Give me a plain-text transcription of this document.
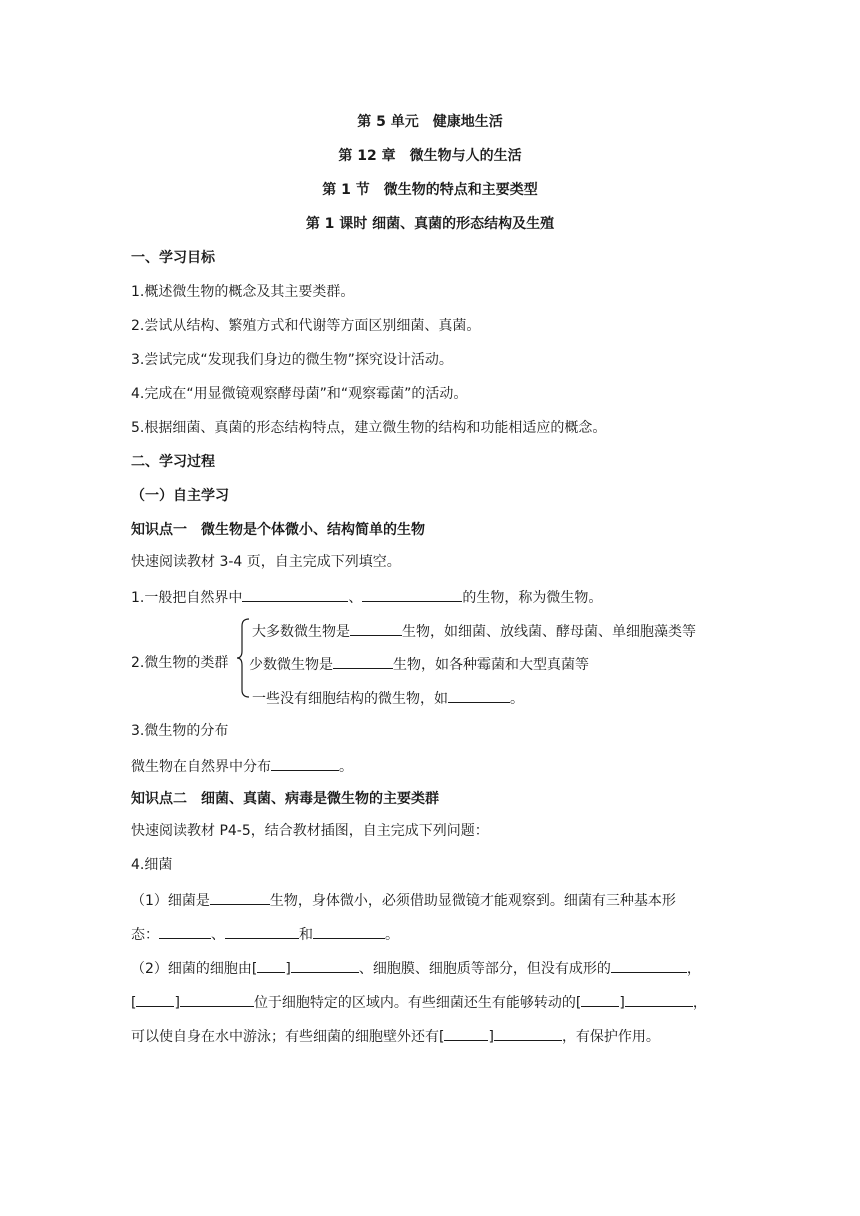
第 5 单元　健康地生活
第 12 章　微生物与人的生活
第 1 节　微生物的特点和主要类型
第 1 课时 细菌、真菌的形态结构及生殖
一、学习目标
1.概述微生物的概念及其主要类群。
2.尝试从结构、繁殖方式和代谢等方面区别细菌、真菌。
3.尝试完成“发现我们身边的微生物”探究设计活动。
4.完成在“用显微镜观察酵母菌”和“观察霉菌”的活动。
5.根据细菌、真菌的形态结构特点，建立微生物的结构和功能相适应的概念。
二、学习过程
（一）自主学习
知识点一　微生物是个体微小、结构简单的生物
快速阅读教材 3-4 页，自主完成下列填空。
1.一般把自然界中	、	的生物，称为微生物。
2.微生物的类群
大多数微生物是	生物，如细菌、放线菌、酵母菌、单细胞藻类等
少数微生物是	生物，如各种霉菌和大型真菌等
一些没有细胞结构的微生物，如	。
3.微生物的分布
微生物在自然界中分布	。
知识点二　细菌、真菌、病毒是微生物的主要类群
快速阅读教材 P4-5，结合教材插图，自主完成下列问题：
4.细菌
（1）细菌是	生物，身体微小，必须借助显微镜才能观察到。细菌有三种基本形
态：	、	和	。
（2）细菌的细胞由[ ]	、细胞膜、细胞质等部分，但没有成形的	，
[	]	位于细胞特定的区域内。有些细菌还生有能够转动的[	]	，
可以使自身在水中游泳；有些细菌的细胞壁外还有[	]	，有保护作用。
